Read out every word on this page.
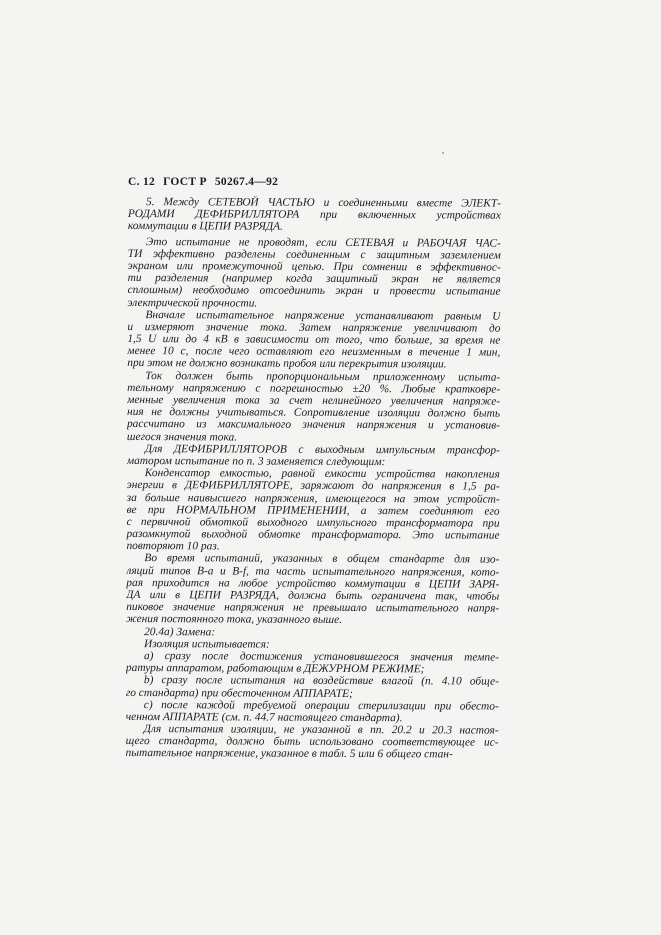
С. 12 ГОСТ Р 50267.4—92
5. Между СЕТЕВОЙ ЧАСТЬЮ и соединенными вместе ЭЛЕКТ-
РОДАМИ ДЕФИБРИЛЛЯТОРА при включенных устройствах
коммутации в ЦЕПИ РАЗРЯДА.
Это испытание не проводят, если СЕТЕВАЯ и РАБОЧАЯ ЧАС-
ТИ эффективно разделены соединенным с защитным заземлением
экраном или промежуточной цепью. При сомнении в эффективнос-
ти разделения (например когда защитный экран не является
сплошным) необходимо отсоединить экран и провести испытание
электрической прочности.
Вначале испытательное напряжение устанавливают равным U
и измеряют значение тока. Затем напряжение увеличивают до
1,5 U или до 4 кВ в зависимости от того, что больше, за время не
менее 10 с, после чего оставляют его неизменным в течение 1 мин,
при этом не должно возникать пробоя или перекрытия изоляции.
Ток должен быть пропорциональным приложенному испыта-
тельному напряжению с погрешностью ±20 %. Любые кратковре-
менные увеличения тока за счет нелинейного увеличения напряже-
ния не должны учитываться. Сопротивление изоляции должно быть
рассчитано из максимального значения напряжения и установив-
шегося значения тока.
Для ДЕФИБРИЛЛЯТОРОВ с выходным импульсным трансфор-
матором испытание по п. 3 заменяется следующим:
Конденсатор емкостью, равной емкости устройства накопления
энергии в ДЕФИБРИЛЛЯТОРЕ, заряжают до напряжения в 1,5 ра-
за больше наивысшего напряжения, имеющегося на этом устройст-
ве при НОРМАЛЬНОМ ПРИМЕНЕНИИ, а затем соединяют его
с первичной обмоткой выходного импульсного трансформатора при
разомкнутой выходной обмотке трансформатора. Это испытание
повторяют 10 раз.
Во время испытаний, указанных в общем стандарте для изо-
ляций типов B-a и B-f, та часть испытательного напряжения, кото-
рая приходится на любое устройство коммутации в ЦЕПИ ЗАРЯ-
ДА или в ЦЕПИ РАЗРЯДА, должна быть ограничена так, чтобы
пиковое значение напряжения не превышало испытательного напря-
жения постоянного тока, указанного выше.
20.4а) Замена:
Изоляция испытывается:
а) сразу после достижения установившегося значения темпе-
ратуры аппаратом, работающим в ДЕЖУРНОМ РЕЖИМЕ;
b) сразу после испытания на воздействие влагой (п. 4.10 обще-
го стандарта) при обесточенном АППАРАТЕ;
с) после каждой требуемой операции стерилизации при обесто-
ченном АППАРАТЕ (см. п. 44.7 настоящего стандарта).
Для испытания изоляции, не указанной в пп. 20.2 и 20.3 настоя-
щего стандарта, должно быть использовано соответствующее ис-
пытательное напряжение, указанное в табл. 5 или 6 общего стан-
